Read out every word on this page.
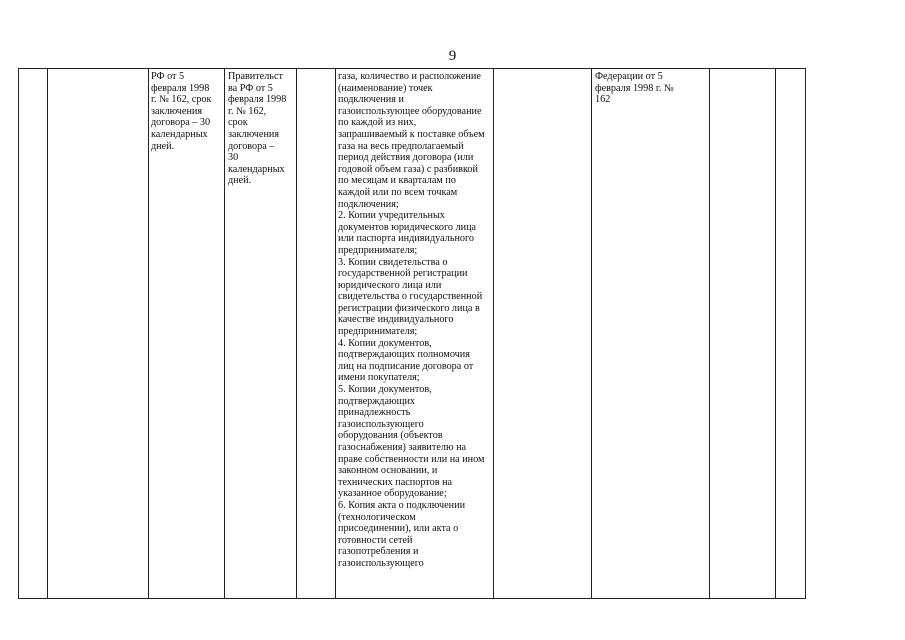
9
РФ от 5
февраля 1998
г. № 162, срок
заключения
договора – 30
календарных
дней.
Правительст
ва РФ от 5
февраля 1998
г. № 162,
срок
заключения
договора –
30
календарных
дней.
газа, количество и расположение
(наименование) точек
подключения и
газоиспользующее оборудование
по каждой из них,
запрашиваемый к поставке объем
газа на весь предполагаемый
период действия договора (или
годовой объем газа) с разбивкой
по месяцам и кварталам по
каждой или по всем точкам
подключения;
2. Копии учредительных
документов юридического лица
или паспорта индивидуального
предпринимателя;
3. Копии свидетельства о
государственной регистрации
юридического лица или
свидетельства о государственной
регистрации физического лица в
качестве индивидуального
предпринимателя;
4. Копии документов,
подтверждающих полномочия
лиц на подписание договора от
имени покупателя;
5. Копии документов,
подтверждающих
принадлежность
газоиспользующего
оборудования (объектов
газоснабжения) заявителю на
праве собственности или на ином
законном основании, и
технических паспортов на
указанное оборудование;
6. Копия акта о подключении
(технологическом
присоединении), или акта о
готовности сетей
газопотребления и
газоиспользующего
Федерации от 5
февраля 1998 г. №
162
